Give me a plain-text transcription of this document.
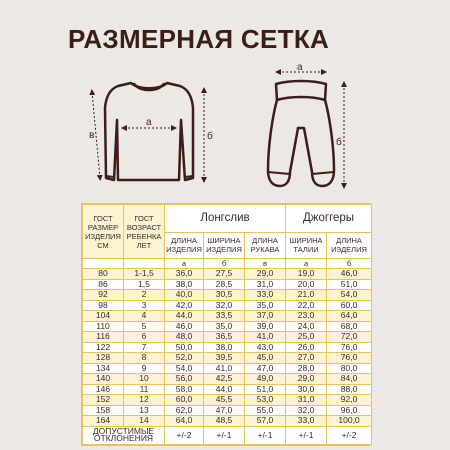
РАЗМЕРНАЯ СЕТКА
в	б
а
а
б
ГОСТ РАЗМЕР ИЗДЕЛИЯ СМ	ГОСТ ВОЗРАСТ РЕБЕНКА ЛЕТ	Лонгслив			Джоггеры	
		ДЛИНА ИЗДЕЛИЯ	ШИРИНА ИЗДЕЛИЯ	ДЛИНА РУКАВА	ШИРИНА ТАЛИИ	ДЛИНА ИЗДЕЛИЯ
		а	б	в	а	б
80	1-1,5	36,0	27,5	29,0	19,0	46,0
86	1,5	38,0	28,5	31,0	20,0	51,0
92	2	40,0	30,5	33,0	21,0	54,0
98	3	42,0	32,0	35,0	22,0	60,0
104	4	44,0	33,5	37,0	23,0	64,0
110	5	46,0	35,0	39,0	24,0	68,0
116	6	48,0	36,5	41,0	25,0	72,0
122	7	50,0	38,0	43,0	26,0	76,0
128	8	52,0	39,5	45,0	27,0	76,0
134	9	54,0	41,0	47,0	28,0	80,0
140	10	56,0	42,5	49,0	29,0	84,0
146	11	58,0	44,0	51,0	30,0	88,0
152	12	60,0	45,5	53,0	31,0	92,0
158	13	62,0	47,0	55,0	32,0	96,0
164	14	64,0	48,5	57,0	33,0	100,0
ДОПУСТИМЫЕ ОТКЛОНЕНИЯ		+/-2	+/-1	+/-1	+/-1	+/-2
